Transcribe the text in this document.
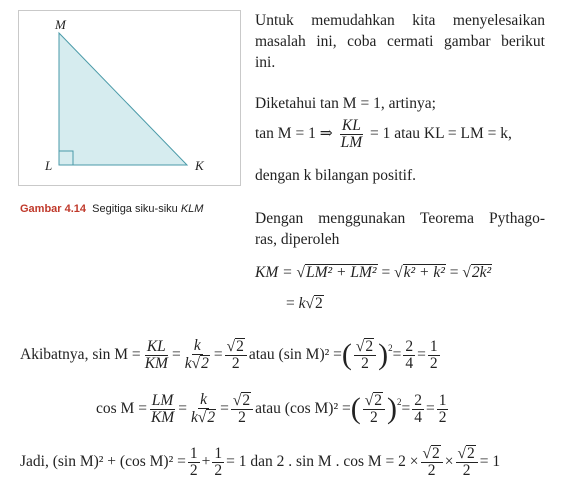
M
L	K
Gambar 4.14 Segitiga siku-siku KLM
Untuk memudahkan kita menyelesaikan
masalah ini, coba cermati gambar berikut
ini.
Diketahui tan M = 1, artinya;
tan M = 1 ⇒ $\frac{KL}{LM} = 1$ atau KL = LM = k,
dengan k bilangan positif.
Dengan menggunakan Teorema Pythago-
ras, diperoleh
KM = √LM² + LM² = √k² + k² = √2k²
= k√2
Akibatnya, $\sin M = \frac{KL}{KM} = \frac{k}{k√2} = \frac{√2}{2}$ atau (sin M)² = ( $\frac{√2}{2}$ ) $2 = \frac{2}{4} = \frac{1}{2}$
$\cos M = \frac{LM}{KM} = \frac{k}{k√2} = \frac{√2}{2}$ atau (cos M)² = ( $\frac{√2}{2}$ ) $2 = \frac{2}{4} = \frac{1}{2}$
Jadi, (sin M)² + (cos $M)^2 = \frac{1}{2} + \frac{1}{2} = 1$ dan 2 . sin M . $\cos M = 2 \times \frac{√2}{2} \times \frac{√2}{2} = 1$
